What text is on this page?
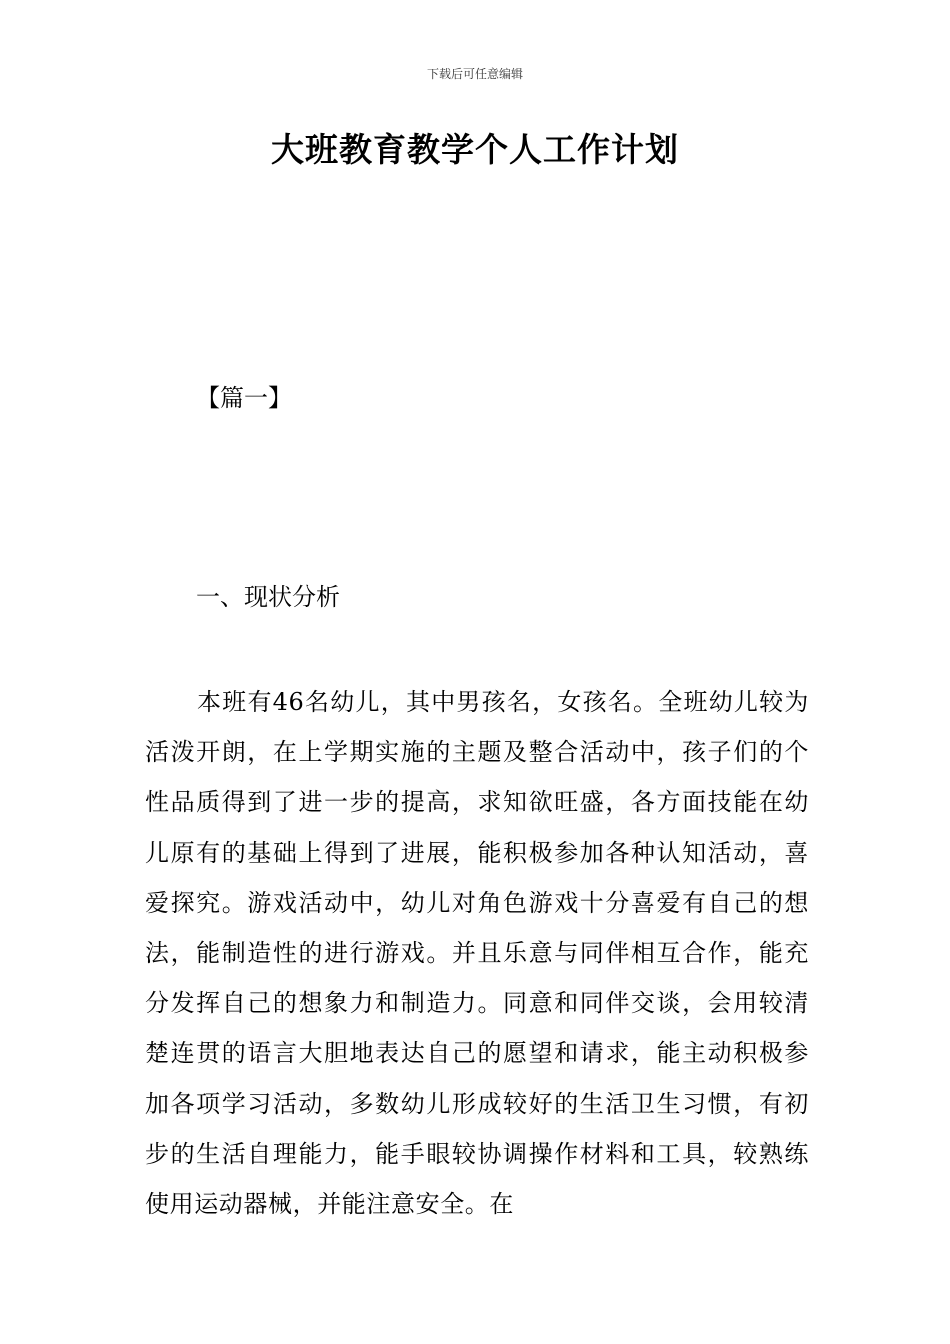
下载后可任意编辑
大班教育教学个人工作计划
【篇一】
一、现状分析

本班有46名幼儿，其中男孩名，女孩名。全班幼儿较为活泼开朗，在上学期实施的主题及整合活动中，孩子们的个性品质得到了进一步的提高，求知欲旺盛，各方面技能在幼儿原有的基础上得到了进展，能积极参加各种认知活动，喜爱探究。游戏活动中，幼儿对角色游戏十分喜爱有自己的想法，能制造性的进行游戏。并且乐意与同伴相互合作，能充分发挥自己的想象力和制造力。同意和同伴交谈，会用较清楚连贯的语言大胆地表达自己的愿望和请求，能主动积极参加各项学习活动，多数幼儿形成较好的生活卫生习惯，有初步的生活自理能力，能手眼较协调操作材料和工具，较熟练使用运动器械，并能注意安全。在
